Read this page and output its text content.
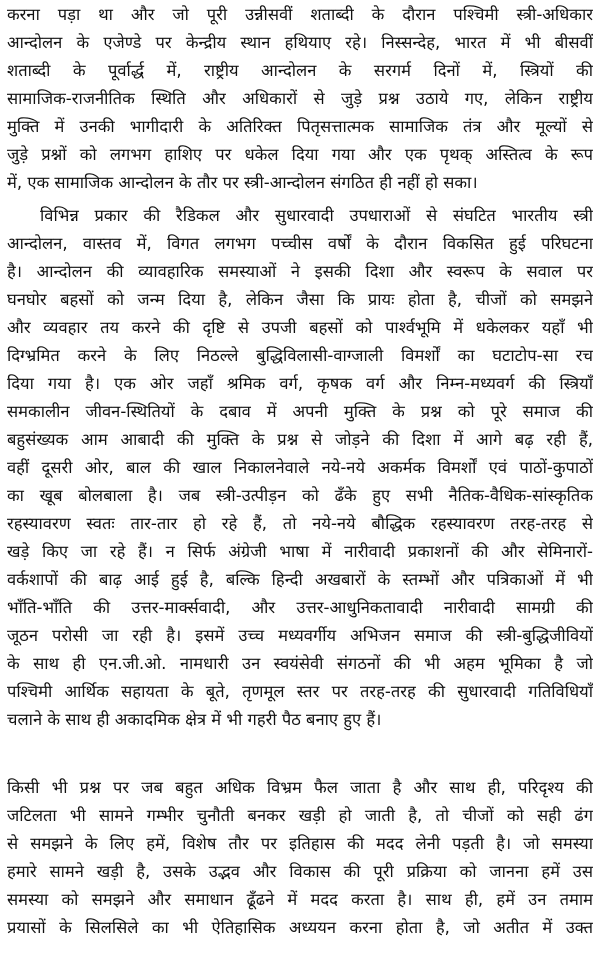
करना पड़ा था और जो पूरी उन्नीसवीं शताब्दी के दौरान पश्चिमी स्त्री-अधिकार
आन्दोलन के एजेण्डे पर केन्द्रीय स्थान हथियाए रहे। निस्सन्देह, भारत में भी बीसवीं
शताब्दी के पूर्वार्द्ध में, राष्ट्रीय आन्दोलन के सरगर्म दिनों में, स्त्रियों की
सामाजिक-राजनीतिक स्थिति और अधिकारों से जुड़े प्रश्न उठाये गए, लेकिन राष्ट्रीय
मुक्ति में उनकी भागीदारी के अतिरिक्त पितृसत्तात्मक सामाजिक तंत्र और मूल्यों से
जुड़े प्रश्नों को लगभग हाशिए पर धकेल दिया गया और एक पृथक् अस्तित्व के रूप
में, एक सामाजिक आन्दोलन के तौर पर स्त्री-आन्दोलन संगठित ही नहीं हो सका।
विभिन्न प्रकार की रैडिकल और सुधारवादी उपधाराओं से संघटित भारतीय स्त्री
आन्दोलन, वास्तव में, विगत लगभग पच्चीस वर्षों के दौरान विकसित हुई परिघटना
है। आन्दोलन की व्यावहारिक समस्याओं ने इसकी दिशा और स्वरूप के सवाल पर
घनघोर बहसों को जन्म दिया है, लेकिन जैसा कि प्रायः होता है, चीजों को समझने
और व्यवहार तय करने की दृष्टि से उपजी बहसों को पार्श्वभूमि में धकेलकर यहाँ भी
दिग्भ्रमित करने के लिए निठल्ले बुद्धिविलासी-वाग्जाली विमर्शों का घटाटोप-सा रच
दिया गया है। एक ओर जहाँ श्रमिक वर्ग, कृषक वर्ग और निम्न-मध्यवर्ग की स्त्रियाँ
समकालीन जीवन-स्थितियों के दबाव में अपनी मुक्ति के प्रश्न को पूरे समाज की
बहुसंख्यक आम आबादी की मुक्ति के प्रश्न से जोड़ने की दिशा में आगे बढ़ रही हैं,
वहीं दूसरी ओर, बाल की खाल निकालनेवाले नये-नये अकर्मक विमर्शों एवं पाठों-कुपाठों
का खूब बोलबाला है। जब स्त्री-उत्पीड़न को ढँके हुए सभी नैतिक-वैधिक-सांस्कृतिक
रहस्यावरण स्वतः तार-तार हो रहे हैं, तो नये-नये बौद्धिक रहस्यावरण तरह-तरह से
खड़े किए जा रहे हैं। न सिर्फ अंग्रेजी भाषा में नारीवादी प्रकाशनों की और सेमिनारों-
वर्कशापों की बाढ़ आई हुई है, बल्कि हिन्दी अखबारों के स्तम्भों और पत्रिकाओं में भी
भाँति-भाँति की उत्तर-मार्क्सवादी, और उत्तर-आधुनिकतावादी नारीवादी सामग्री की
जूठन परोसी जा रही है। इसमें उच्च मध्यवर्गीय अभिजन समाज की स्त्री-बुद्धिजीवियों
के साथ ही एन.जी.ओ. नामधारी उन स्वयंसेवी संगठनों की भी अहम भूमिका है जो
पश्चिमी आर्थिक सहायता के बूते, तृणमूल स्तर पर तरह-तरह की सुधारवादी गतिविधियाँ
चलाने के साथ ही अकादमिक क्षेत्र में भी गहरी पैठ बनाए हुए हैं।
किसी भी प्रश्न पर जब बहुत अधिक विभ्रम फैल जाता है और साथ ही, परिदृश्य की
जटिलता भी सामने गम्भीर चुनौती बनकर खड़ी हो जाती है, तो चीजों को सही ढंग
से समझने के लिए हमें, विशेष तौर पर इतिहास की मदद लेनी पड़ती है। जो समस्या
हमारे सामने खड़ी है, उसके उद्भव और विकास की पूरी प्रक्रिया को जानना हमें उस
समस्या को समझने और समाधान ढूँढने में मदद करता है। साथ ही, हमें उन तमाम
प्रयासों के सिलसिले का भी ऐतिहासिक अध्ययन करना होता है, जो अतीत में उक्त
